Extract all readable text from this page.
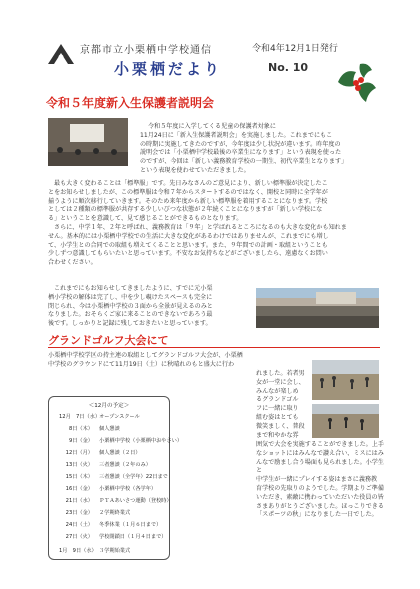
京都市立小栗栖中学校通信	令和4年12月1日発行
小栗栖だより	No. 10
令和５年度新入生保護者説明会

令和５年度に入学してくる児童の保護者対象に

11月24日に「新入生保護者説明会」を実施しました。これまでにもこ

の時期に実施してきたのですが、今年度は少し状況が違います。昨年度の

説明会では「小栗栖中学校最後の卒業生になります」という表現を使った

のですが、今回は「新しい義務教育学校の一期生、初代卒業生となります」

という表現を使わせていただきました。

最も大きく変わることは「標準服」です。先日みなさんのご意見により、新しい標準服が決定したこ

とをお知らせしましたが、この標準服は令和７年からスタートするのではなく、開校と同時に全学年が

揃うように順次移行していきます。そのため来年度から新しい標準服を着用することになります。学校

としては２種類の標準服が共存する少しいびつな状態が２年続くことになりますが「新しい学校にな

る」ということを意識して、見て感じることができるものとなります。

さらに、中学１年、２年と呼ばれ、義務教育は「９年」と学ばれるところになるのも大きな変化かも知れま

せん。基本的には小栗栖中学校での生活に大きな変化があるわけではありませんが、これまでにも増し

て、小学生との合同での取組も増えてくることと思います。また、９年間での計画・取組ということも

少しずつ意識してもらいたいと思っています。不安なお気持ちなどがございましたら、遠慮なくお問い

合わせください。

これまでにもお知らせしてきましたように、すでに元小栗

栖小学校の解体は完了し、中を少し覗けたスペースも完全に

閉じられ、今は小栗栖中学校の３面から全景が見えるのみと

なりました。おそらくご家に来ることのできないであろう最

後です。しっかりと記録に残しておきたいと思っています。

グランドゴルフ大会にて

小栗栖中学校学区の持主連の取組としてグランドゴルフ大会が、小栗栖

中学校のグラウンドにて11月19日（土）に秋晴れのもと盛大に行わ

れました。若者男

女が一堂に会し、

みんなが楽しめ

るグランドゴル

フに一緒に取り

組む姿はとても

微笑ましく、普段

まで和やかな雰

囲気で大会を実施することができました。上手

なショットにはみんなで讃え合い、ミスにはみ

んなで励まし合う場面も見られました。小学生と

中学生が一緒にプレイする姿はまさに義務教

育学校の先取りのようでした。学期よりご準備

いただき、素敵に携わっていただいた役員の皆

さまありがとうございました。ほっこりできる

「スポーツの秋」になりました一日でした。

＜12月の予定＞
12月　7日（水）オープンスクール
8日（木） 個人懇談
9日（金） 小栗栖中学校（小栗栖中おやさい）
12日（月） 個人懇談（２日）
13日（火） 三者懇談（２年のみ）
15日（木） 三者懇談（全学年）22日まで
16日（金） 小栗栖中学校（各学年）
21日（水） ＰＴＡあいさつ運動（登校時）
23日（金） ２学期終業式
24日（土） 冬季休業（１月６日まで）
27日（火） 学校閉鎖日（１月４日まで）
1月　9日（水） ３学期始業式
